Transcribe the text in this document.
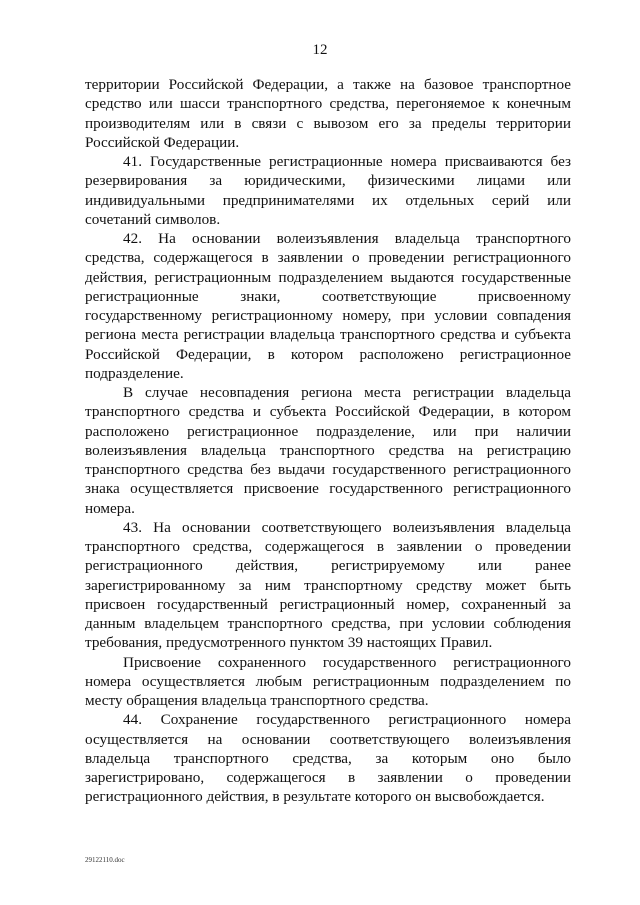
12

территории Российской Федерации, а также на базовое транспортное средство или шасси транспортного средства, перегоняемое к конечным производителям или в связи с вывозом его за пределы территории Российской Федерации.

41. Государственные регистрационные номера присваиваются без резервирования за юридическими, физическими лицами или индивидуальными предпринимателями их отдельных серий или сочетаний символов.

42. На основании волеизъявления владельца транспортного средства, содержащегося в заявлении о проведении регистрационного действия, регистрационным подразделением выдаются государственные регистрационные знаки, соответствующие присвоенному государственному регистрационному номеру, при условии совпадения региона места регистрации владельца транспортного средства и субъекта Российской Федерации, в котором расположено регистрационное подразделение.

В случае несовпадения региона места регистрации владельца транспортного средства и субъекта Российской Федерации, в котором расположено регистрационное подразделение, или при наличии волеизъявления владельца транспортного средства на регистрацию транспортного средства без выдачи государственного регистрационного знака осуществляется присвоение государственного регистрационного номера.

43. На основании соответствующего волеизъявления владельца транспортного средства, содержащегося в заявлении о проведении регистрационного действия, регистрируемому или ранее зарегистрированному за ним транспортному средству может быть присвоен государственный регистрационный номер, сохраненный за данным владельцем транспортного средства, при условии соблюдения требования, предусмотренного пунктом 39 настоящих Правил.

Присвоение сохраненного государственного регистрационного номера осуществляется любым регистрационным подразделением по месту обращения владельца транспортного средства.

44. Сохранение государственного регистрационного номера осуществляется на основании соответствующего волеизъявления владельца транспортного средства, за которым оно было зарегистрировано, содержащегося в заявлении о проведении регистрационного действия, в результате которого он высвобождается.

29122110.doc
